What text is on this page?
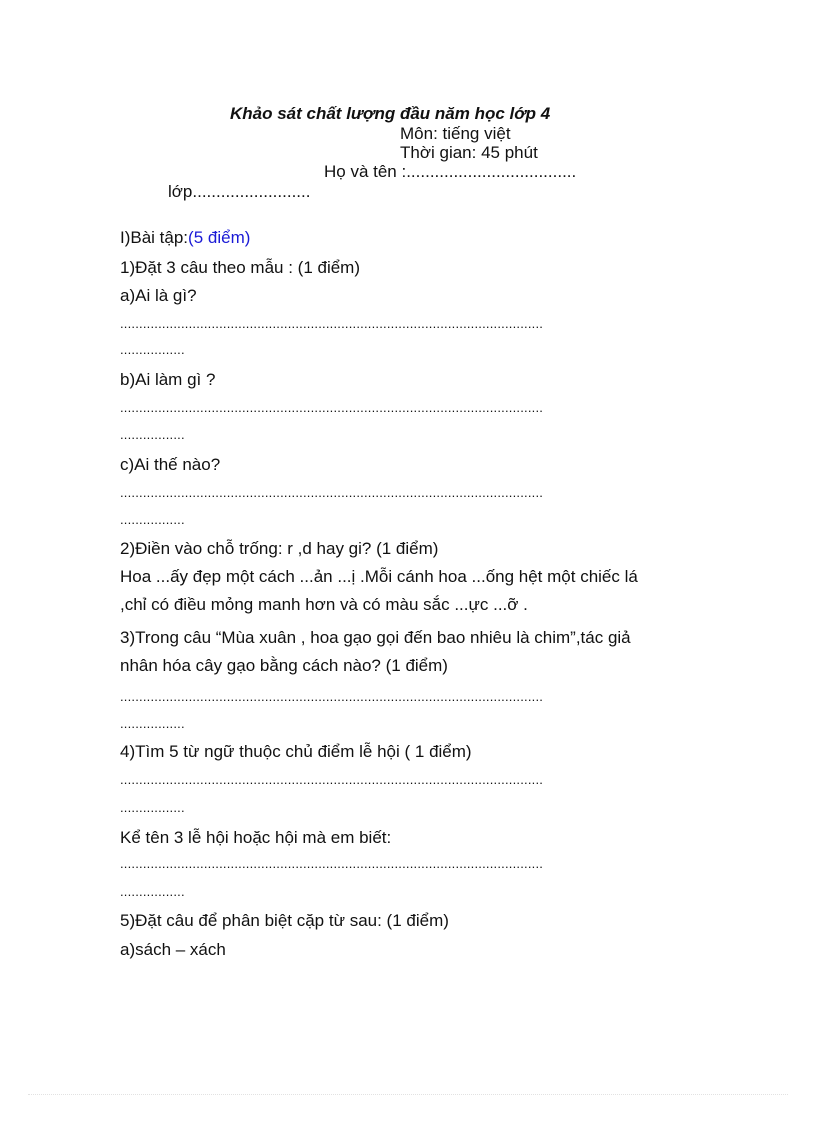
Khảo sát chất lượng đầu năm học lớp 4
Môn: tiếng việt
Thời gian: 45 phút
Họ và tên :....................................
lớp.........................
I)Bài tập:(5 điểm)
1)Đặt 3 câu theo mẫu : (1 điểm)
a)Ai là gì?
...............................................................................................................
.................
b)Ai làm gì ?
...............................................................................................................
.................
c)Ai thế nào?
...............................................................................................................
.................
2)Điền vào chỗ trống: r ,d hay gi? (1 điểm)
Hoa ...ấy đẹp một cách ...ản ...ị .Mỗi cánh hoa ...ống hệt một chiếc lá
,chỉ có điều mỏng manh hơn và có màu sắc ...ực ...ỡ .
3)Trong câu “Mùa xuân , hoa gạo gọi đến bao nhiêu là chim”,tác giả
nhân hóa cây gạo bằng cách nào? (1 điểm)
...............................................................................................................
.................
4)Tìm 5 từ ngữ thuộc chủ điểm lễ hội ( 1 điểm)
...............................................................................................................
.................
Kể tên 3 lễ hội hoặc hội mà em biết:
...............................................................................................................
.................
5)Đặt câu để phân biệt cặp từ sau: (1 điểm)
a)sách – xách
